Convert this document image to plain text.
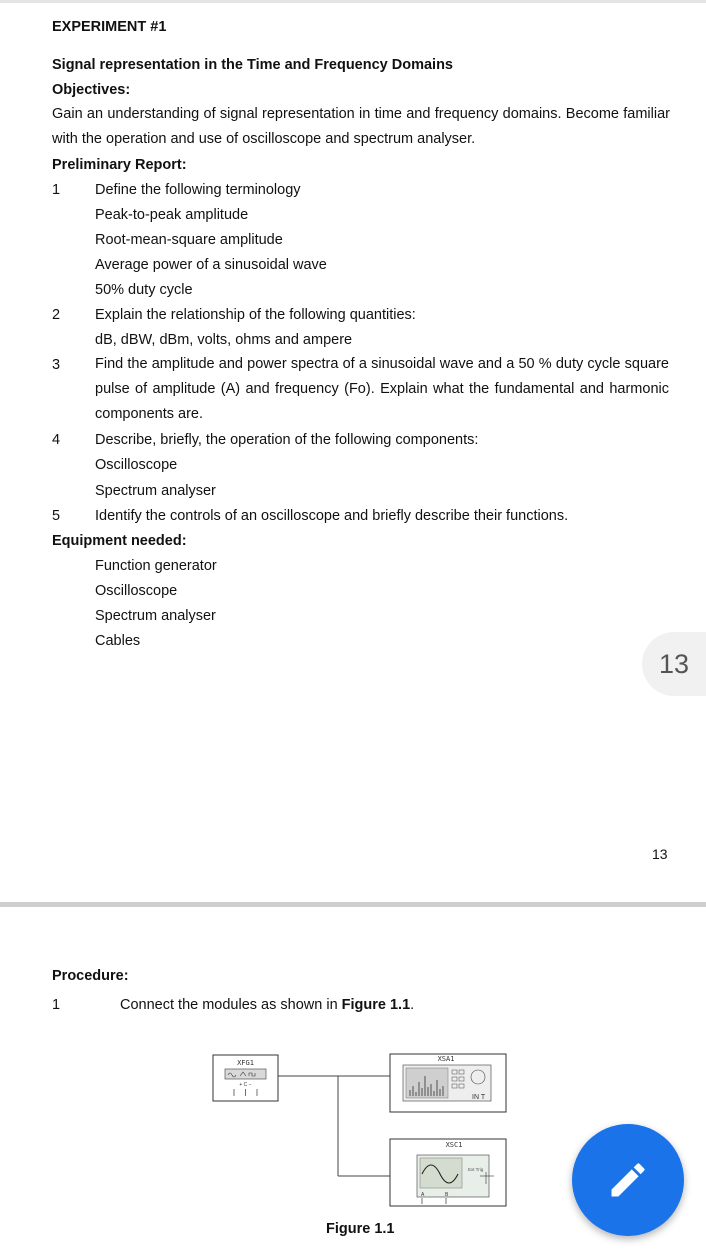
EXPERIMENT #1
Signal representation in the Time and Frequency Domains
Objectives:
Gain an understanding of signal representation in time and frequency domains. Become familiar with the operation and use of oscilloscope and spectrum analyser.
Preliminary Report:
1 Define the following terminology
Peak-to-peak amplitude
Root-mean-square amplitude
Average power of a sinusoidal wave
50% duty cycle
2 Explain the relationship of the following quantities:
dB, dBW, dBm, volts, ohms and ampere
3 Find the amplitude and power spectra of a sinusoidal wave and a 50 % duty cycle square pulse of amplitude (A) and frequency (Fo). Explain what the fundamental and harmonic components are.
4 Describe, briefly, the operation of the following components:
Oscilloscope
Spectrum analyser
5 Identify the controls of an oscilloscope and briefly describe their functions.
Equipment needed:
Function generator
Oscilloscope
Spectrum analyser
Cables
13
13
Procedure:
1	Connect the modules as shown in Figure 1.1.
XFG1
+ C −
XSA1
IN T
XSC1
Ext Trig
A	B
Figure 1.1
